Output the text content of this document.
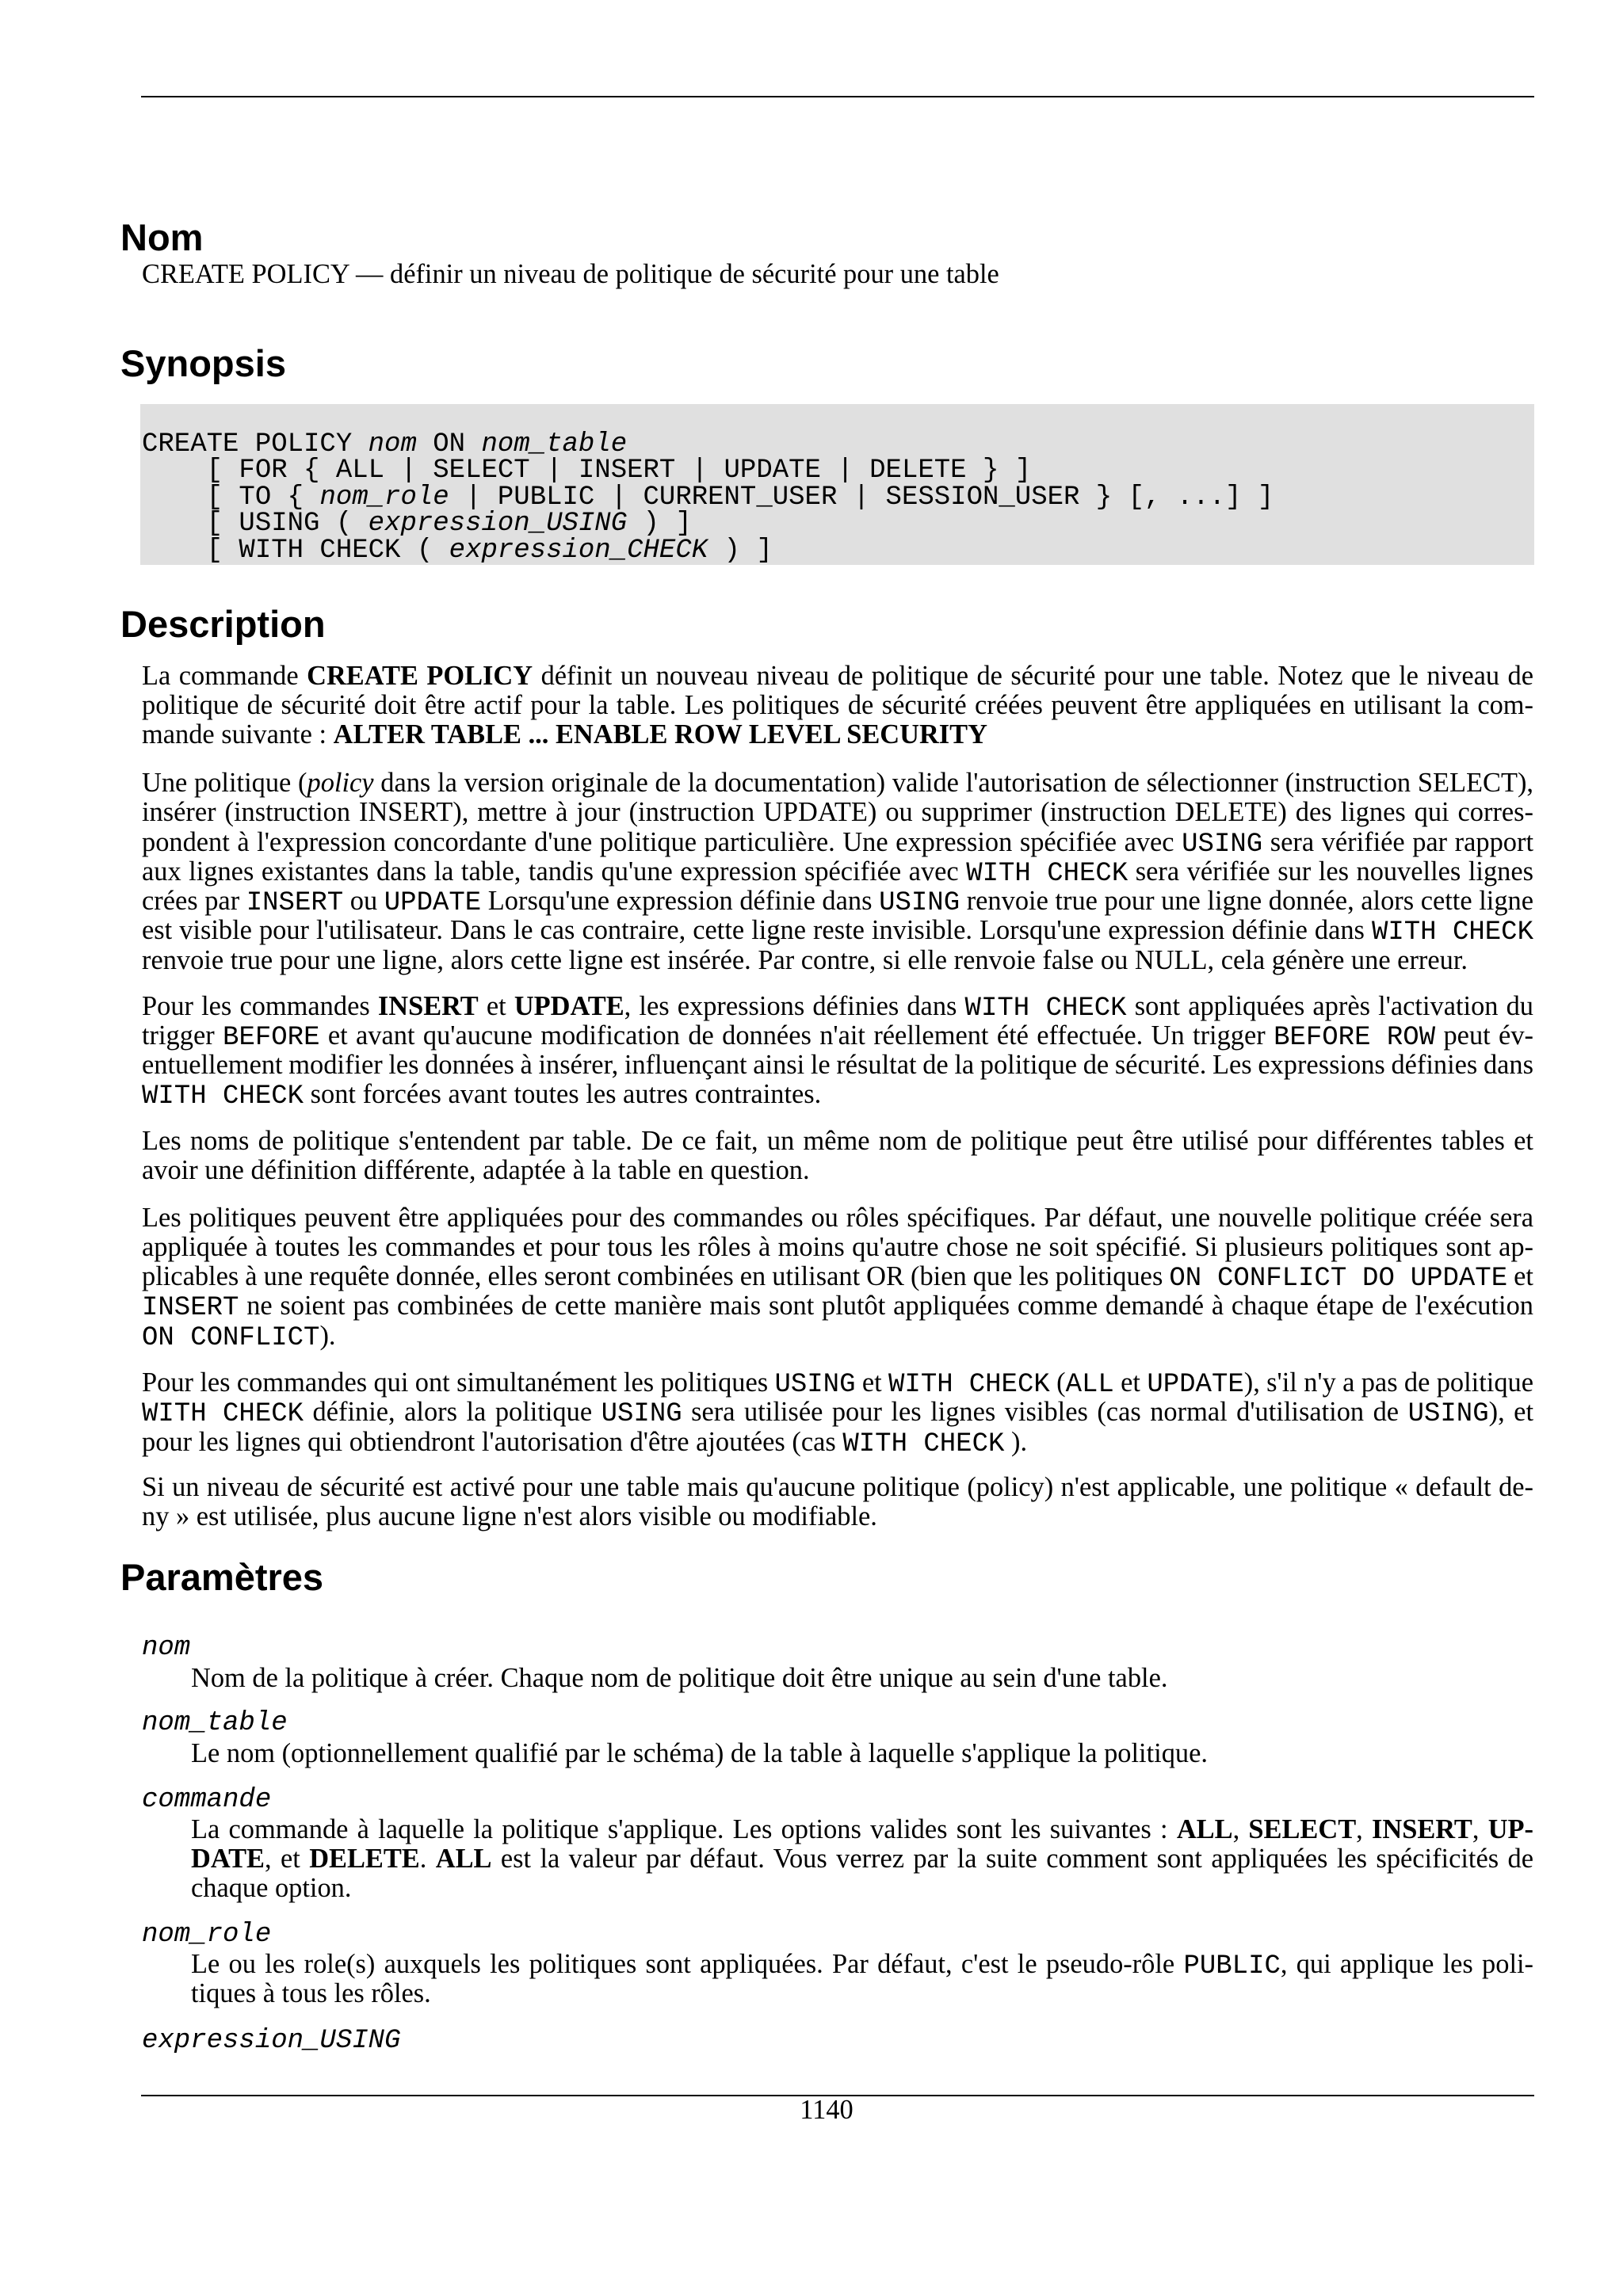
Nom
CREATE POLICY — définir un niveau de politique de sécurité pour une table
Synopsis
CREATE POLICY nom ON nom_table
[ FOR { ALL | SELECT | INSERT | UPDATE | DELETE } ]
[ TO { nom_role | PUBLIC | CURRENT_USER | SESSION_USER } [, ...] ]
[ USING ( expression_USING ) ]
[ WITH CHECK ( expression_CHECK ) ]
Description
La commande CREATE POLICY définit un nouveau niveau de politique de sécurité pour une table. Notez que le niveau de
politique de sécurité doit être actif pour la table. Les politiques de sécurité créées peuvent être appliquées en utilisant la com-
mande suivante : ALTER TABLE ... ENABLE ROW LEVEL SECURITY
Une politique (policy dans la version originale de la documentation) valide l'autorisation de sélectionner (instruction SELECT),
insérer (instruction INSERT), mettre à jour (instruction UPDATE) ou supprimer (instruction DELETE) des lignes qui corres-
pondent à l'expression concordante d'une politique particulière. Une expression spécifiée avec USING sera vérifiée par rapport
aux lignes existantes dans la table, tandis qu'une expression spécifiée avec WITH CHECK sera vérifiée sur les nouvelles lignes
crées par INSERT ou UPDATE Lorsqu'une expression définie dans USING renvoie true pour une ligne donnée, alors cette ligne
est visible pour l'utilisateur. Dans le cas contraire, cette ligne reste invisible. Lorsqu'une expression définie dans WITH CHECK
renvoie true pour une ligne, alors cette ligne est insérée. Par contre, si elle renvoie false ou NULL, cela génère une erreur.
Pour les commandes INSERT et UPDATE, les expressions définies dans WITH CHECK sont appliquées après l'activation du
trigger BEFORE et avant qu'aucune modification de données n'ait réellement été effectuée. Un trigger BEFORE ROW peut év-
entuellement modifier les données à insérer, influençant ainsi le résultat de la politique de sécurité. Les expressions définies dans
WITH CHECK sont forcées avant toutes les autres contraintes.
Les noms de politique s'entendent par table. De ce fait, un même nom de politique peut être utilisé pour différentes tables et
avoir une définition différente, adaptée à la table en question.
Les politiques peuvent être appliquées pour des commandes ou rôles spécifiques. Par défaut, une nouvelle politique créée sera
appliquée à toutes les commandes et pour tous les rôles à moins qu'autre chose ne soit spécifié. Si plusieurs politiques sont ap-
plicables à une requête donnée, elles seront combinées en utilisant OR (bien que les politiques ON CONFLICT DO UPDATE et
INSERT ne soient pas combinées de cette manière mais sont plutôt appliquées comme demandé à chaque étape de l'exécution
ON CONFLICT).
Pour les commandes qui ont simultanément les politiques USING et WITH CHECK (ALL et UPDATE), s'il n'y a pas de politique
WITH CHECK définie, alors la politique USING sera utilisée pour les lignes visibles (cas normal d'utilisation de USING), et
pour les lignes qui obtiendront l'autorisation d'être ajoutées (cas WITH CHECK ).
Si un niveau de sécurité est activé pour une table mais qu'aucune politique (policy) n'est applicable, une politique « default de-
ny » est utilisée, plus aucune ligne n'est alors visible ou modifiable.
Paramètres
nom
Nom de la politique à créer. Chaque nom de politique doit être unique au sein d'une table.
nom_table
Le nom (optionnellement qualifié par le schéma) de la table à laquelle s'applique la politique.
commande
La commande à laquelle la politique s'applique. Les options valides sont les suivantes : ALL, SELECT, INSERT, UP-
DATE, et DELETE. ALL est la valeur par défaut. Vous verrez par la suite comment sont appliquées les spécificités de
chaque option.
nom_role
Le ou les role(s) auxquels les politiques sont appliquées. Par défaut, c'est le pseudo-rôle PUBLIC, qui applique les poli-
tiques à tous les rôles.
expression_USING
1140
